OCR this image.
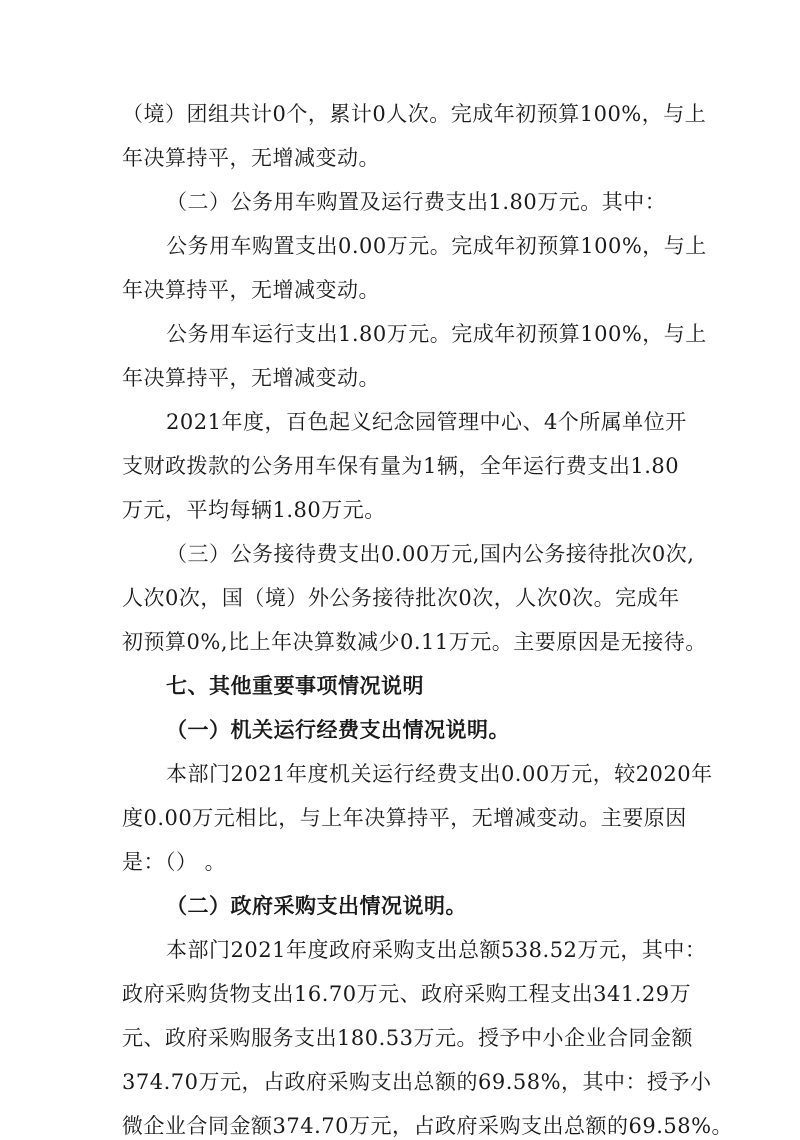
（境）团组共计0个，累计0人次。完成年初预算100%，与上
年决算持平，无增减变动。
（二）公务用车购置及运行费支出1.80万元。其中：
公务用车购置支出0.00万元。完成年初预算100%，与上
年决算持平，无增减变动。
公务用车运行支出1.80万元。完成年初预算100%，与上
年决算持平，无增减变动。
2021年度，百色起义纪念园管理中心、4个所属单位开
支财政拨款的公务用车保有量为1辆，全年运行费支出1.80
万元，平均每辆1.80万元。
（三）公务接待费支出0.00万元,国内公务接待批次0次,
人次0次，国（境）外公务接待批次0次，人次0次。完成年
初预算0%,比上年决算数减少0.11万元。主要原因是无接待。
七、其他重要事项情况说明
（一）机关运行经费支出情况说明。
本部门2021年度机关运行经费支出0.00万元，较2020年
度0.00万元相比，与上年决算持平，无增减变动。主要原因
是：（） 。
（二）政府采购支出情况说明。
本部门2021年度政府采购支出总额538.52万元，其中：
政府采购货物支出16.70万元、政府采购工程支出341.29万
元、政府采购服务支出180.53万元。授予中小企业合同金额
374.70万元，占政府采购支出总额的69.58%，其中：授予小
微企业合同金额374.70万元，占政府采购支出总额的69.58%。
